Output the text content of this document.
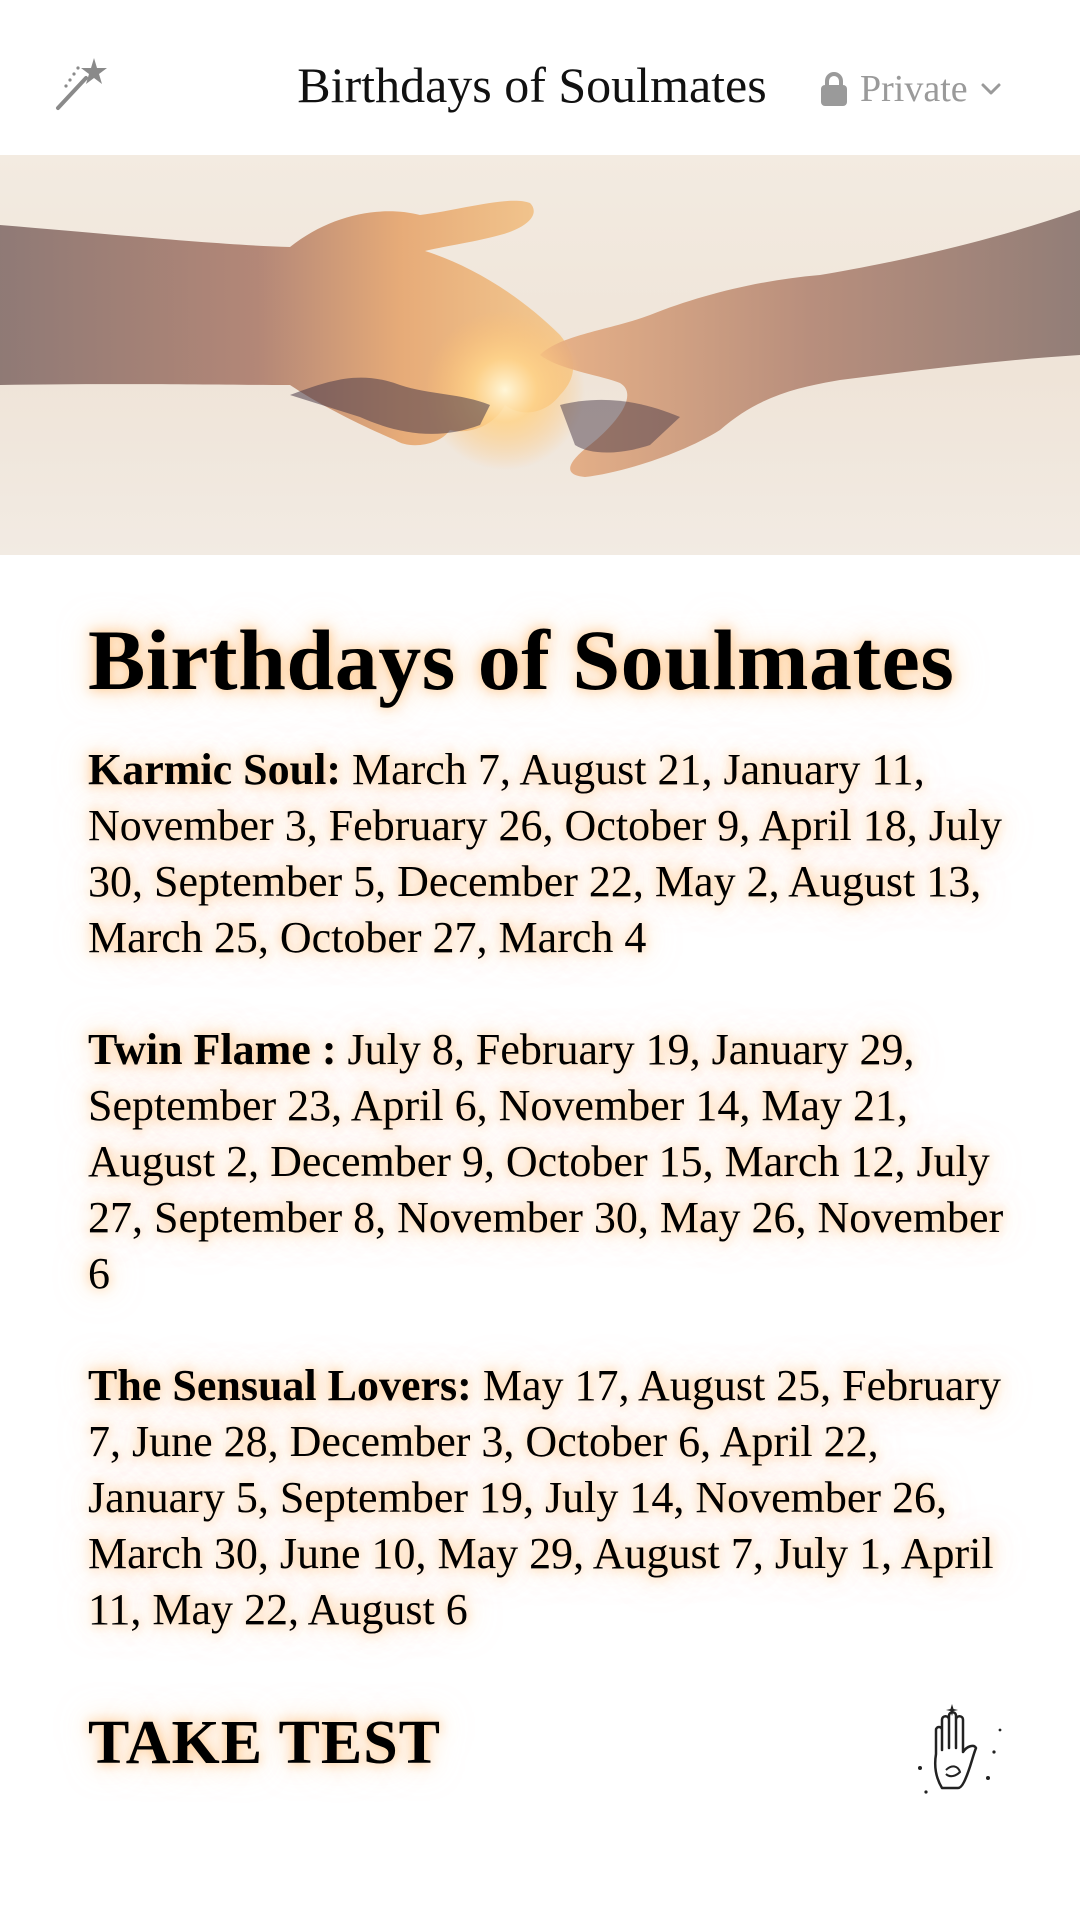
Birthdays of Soulmates	Private
Birthdays of Soulmates

Karmic Soul: March 7, August 21, January 11, November 3, February 26, October 9, April 18, July 30, September 5, December 22, May 2, August 13, March 25, October 27, March 4

Twin Flame : July 8, February 19, January 29, September 23, April 6, November 14, May 21, August 2, December 9, October 15, March 12, July 27, September 8, November 30, May 26, November 6

The Sensual Lovers: May 17, August 25, February 7, June 28, December 3, October 6, April 22, January 5, September 19, July 14, November 26, March 30, June 10, May 29, August 7, July 1, April 11, May 22, August 6

TAKE TEST
